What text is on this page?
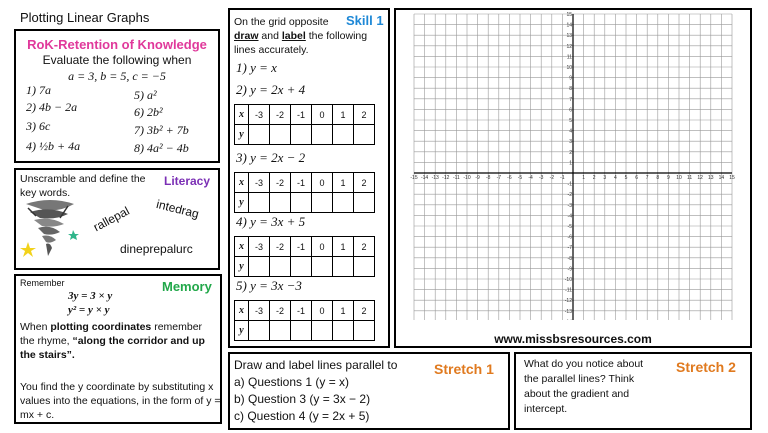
Plotting Linear Graphs
RoK-Retention of Knowledge
Evaluate the following when
a = 3, b = 5, c = −5
1) 7a
2) 4b − 2a
3) 6c
4) ½b + 4a
5) a²
6) 2b²
7) 3b² + 7b
8) 4a² − 4b
Unscramble and define the key words.
Literacy
intedrag
rallepal
dineprepalurc
Remember	Memory
3y = 3 × y
y² = y × y
When plotting coordinates remember the rhyme, “along the corridor and up the stairs”.
You find the y coordinate by substituting x values into the equations, in the form of y = mx + c.
On the grid opposite Skill 1
draw and label the following
lines accurately.
1) y = x
2) y = 2x + 4
x	-3	-2	-1	0	1	2
y						
3) y = 2x − 2
x	-3	-2	-1	0	1	2
y						
4) y = 3x + 5
x	-3	-2	-1	0	1	2
y						
5) y = 3x −3
x	-3	-2	-1	0	1	2
y						
-15 -14 -13 -12 -11 -10 -9 -8 -7 -6 -5 -4 -3 -2 -1	1 2 3 4 5 6 7 8 9 10 11 12 13 14 15
-13
-12
-11
-10
-9
-8
-7
-6
-5
-4
-3
-2
-1
1
2
3
4
5
6
7
8
9
10
11
12
13
14
15
www.missbsresources.com
Draw and label lines parallel to	Stretch 1
a) Questions 1 (y = x)
b) Question 3 (y = 3x − 2)
c) Question 4 (y = 2x + 5)
What do you notice about
the parallel lines? Think
about the gradient and
intercept.
Stretch 2
